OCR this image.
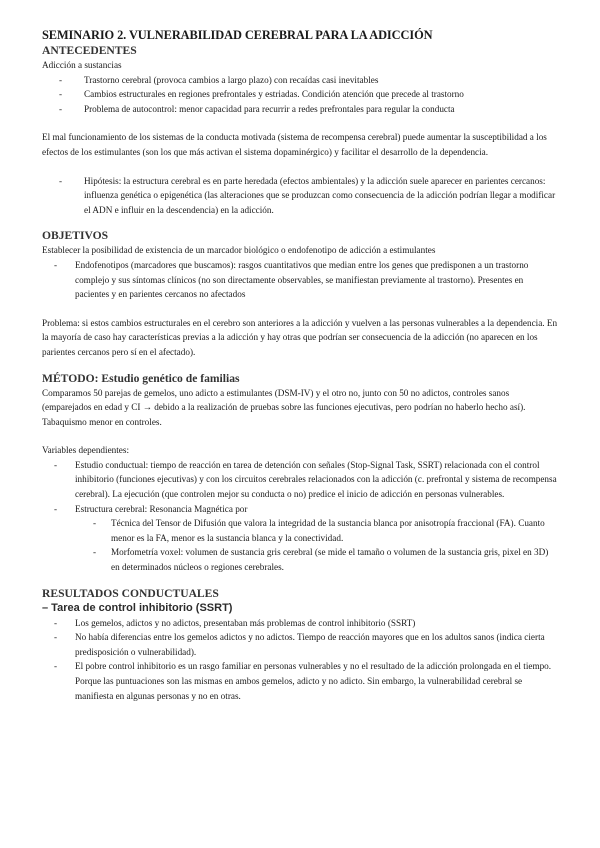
SEMINARIO 2. VULNERABILIDAD CEREBRAL PARA LA ADICCIÓN
ANTECEDENTES

Adicción a sustancias

- Trastorno cerebral (provoca cambios a largo plazo) con recaídas casi inevitables
- Cambios estructurales en regiones prefrontales y estriadas. Condición atención que precede al trastorno
- Problema de autocontrol: menor capacidad para recurrir a redes prefrontales para regular la conducta

El mal funcionamiento de los sistemas de la conducta motivada (sistema de recompensa cerebral) puede aumentar la susceptibilidad a los efectos de los estimulantes (son los que más activan el sistema dopaminérgico) y facilitar el desarrollo de la dependencia.

- Hipótesis: la estructura cerebral es en parte heredada (efectos ambientales) y la adicción suele aparecer en parientes cercanos: influenza genética o epigenética (las alteraciones que se produzcan como consecuencia de la adicción podrían llegar a modificar el ADN e influir en la descendencia) en la adicción.
OBJETIVOS

Establecer la posibilidad de existencia de un marcador biológico o endofenotipo de adicción a estimulantes

- Endofenotipos (marcadores que buscamos): rasgos cuantitativos que median entre los genes que predisponen a un trastorno complejo y sus síntomas clínicos (no son directamente observables, se manifiestan previamente al trastorno). Presentes en pacientes y en parientes cercanos no afectados

Problema: si estos cambios estructurales en el cerebro son anteriores a la adicción y vuelven a las personas vulnerables a la dependencia. En la mayoría de caso hay características previas a la adicción y hay otras que podrían ser consecuencia de la adicción (no aparecen en los parientes cercanos pero sí en el afectado).

MÉTODO: Estudio genético de familias

Comparamos 50 parejas de gemelos, uno adicto a estimulantes (DSM-IV) y el otro no, junto con 50 no adictos, controles sanos (emparejados en edad y CI → debido a la realización de pruebas sobre las funciones ejecutivas, pero podrían no haberlo hecho así). Tabaquismo menor en controles.

Variables dependientes:

- Estudio conductual: tiempo de reacción en tarea de detención con señales (Stop-Signal Task, SSRT) relacionada con el control inhibitorio (funciones ejecutivas) y con los circuitos cerebrales relacionados con la adicción (c. prefrontal y sistema de recompensa cerebral). La ejecución (que controlen mejor su conducta o no) predice el inicio de adicción en personas vulnerables.
- Estructura cerebral: Resonancia Magnética por
- Técnica del Tensor de Difusión que valora la integridad de la sustancia blanca por anisotropía fraccional (FA). Cuanto menor es la FA, menor es la sustancia blanca y la conectividad.
- Morfometría voxel: volumen de sustancia gris cerebral (se mide el tamaño o volumen de la sustancia gris, pixel en 3D) en determinados núcleos o regiones cerebrales.
RESULTADOS CONDUCTUALES
– Tarea de control inhibitorio (SSRT)
- Los gemelos, adictos y no adictos, presentaban más problemas de control inhibitorio (SSRT)
- No había diferencias entre los gemelos adictos y no adictos. Tiempo de reacción mayores que en los adultos sanos (indica cierta predisposición o vulnerabilidad).
- El pobre control inhibitorio es un rasgo familiar en personas vulnerables y no el resultado de la adicción prolongada en el tiempo. Porque las puntuaciones son las mismas en ambos gemelos, adicto y no adicto. Sin embargo, la vulnerabilidad cerebral se manifiesta en algunas personas y no en otras.
